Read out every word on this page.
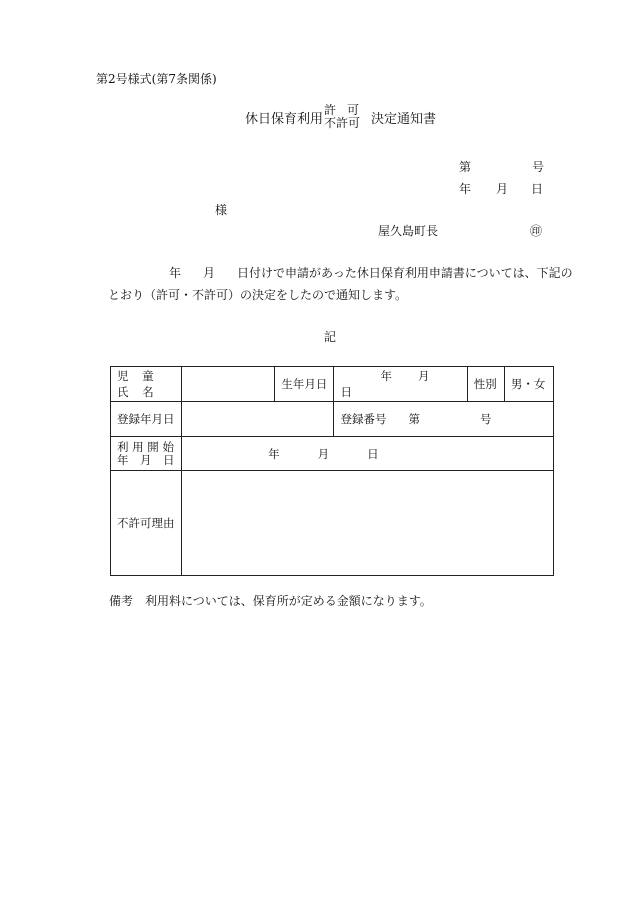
第2号様式(第7条関係)
休日保育利用
許可
不許可 決定通知書
第	号
年 月 日
様
屋久島町長	㊞
年 月 日付けで申請があった休日保育利用申請書については、下記の
とおり（許可・不許可）の決定をしたので通知します。
記
児 童 氏 名		生年月日	年 月日	性別	男・女
登録年月日			登録番号 第 号		

利 用 開 始
年　月　日	年 月 日				
不許可理由					
備考　利用料については、保育所が定める金額になります。
